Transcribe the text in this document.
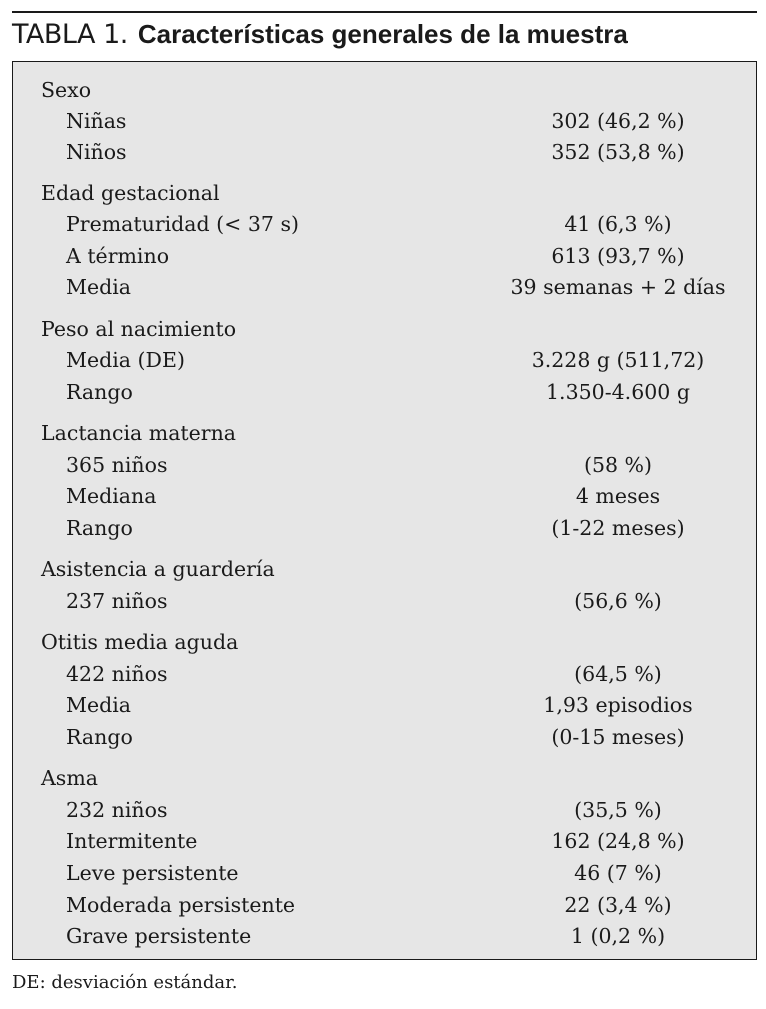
TABLA 1. Características generales de la muestra
Sexo
Niñas	302 (46,2 %)
Niños	352 (53,8 %)
Edad gestacional
Prematuridad (< 37 s)	41 (6,3 %)
A término	613 (93,7 %)
Media	39 semanas + 2 días
Peso al nacimiento
Media (DE)	3.228 g (511,72)
Rango	1.350-4.600 g
Lactancia materna
365 niños	(58 %)
Mediana	4 meses
Rango	(1-22 meses)
Asistencia a guardería
237 niños	(56,6 %)
Otitis media aguda
422 niños	(64,5 %)
Media	1,93 episodios
Rango	(0-15 meses)
Asma
232 niños	(35,5 %)
Intermitente	162 (24,8 %)
Leve persistente	46 (7 %)
Moderada persistente	22 (3,4 %)
Grave persistente	1 (0,2 %)
DE: desviación estándar.
